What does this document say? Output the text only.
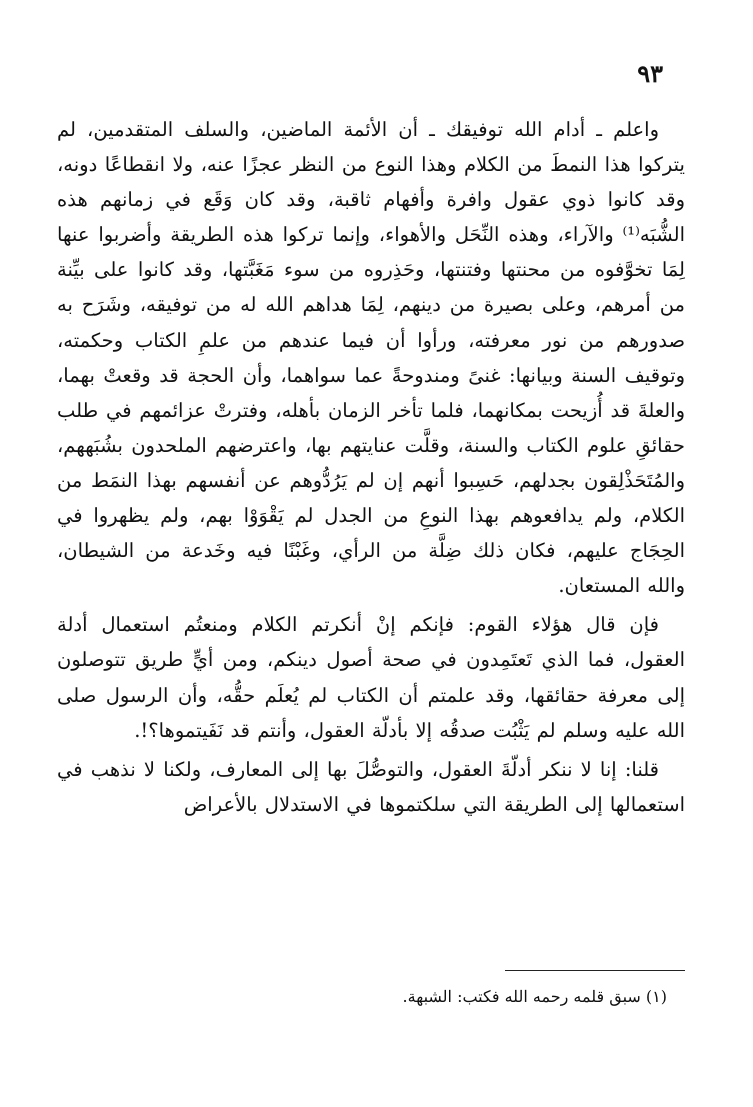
٩٣

واعلم ـ أدام الله توفيقك ـ أن الأئمة الماضين، والسلف المتقدمين، لم يتركوا هذا النمطَ من الكلام وهذا النوع من النظر عجزًا عنه، ولا انقطاعًا دونه، وقد كانوا ذوي عقول وافرة وأفهام ثاقبة، وقد كان وَقَع في زمانهم هذه الشُّبَه⁽¹⁾ والآراء، وهذه النِّحَل والأهواء، وإنما تركوا هذه الطريقة وأضربوا عنها لِمَا تخوَّفوه من محنتها وفتنتها، وحَذِروه من سوء مَغَبَّتها، وقد كانوا على بيِّنة من أمرهم، وعلى بصيرة من دينهم، لِمَا هداهم الله له من توفيقه، وشَرَح به صدورهم من نور معرفته، ورأوا أن فيما عندهم من علمِ الكتاب وحكمته، وتوقيف السنة وبيانها: غنىً ومندوحةً عما سواهما، وأن الحجة قد وقعتْ بهما، والعلةَ قد أُزيحت بمكانهما، فلما تأخر الزمان بأهله، وفترتْ عزائمهم في طلب حقائقِ علوم الكتاب والسنة، وقلَّت عنايتهم بها، واعترضهم الملحدون بشُبَههم، والمُتَحَذْلِقون بجدلهم، حَسِبوا أنهم إن لم يَرُدُّوهم عن أنفسهم بهذا النمَط من الكلام، ولم يدافعوهم بهذا النوعِ من الجدل لم يَقْوَوْا بهم، ولم يظهروا في الحِجَاج عليهم، فكان ذلك ضِلَّة من الرأي، وغَبْنًا فيه وخَدعة من الشيطان، والله المستعان.

فإن قال هؤلاء القوم: فإنكم إنْ أنكرتم الكلام ومنعتُم استعمال أدلة العقول، فما الذي تَعتَمِدون في صحة أصول دينكم، ومن أيٍّ طريق تتوصلون إلى معرفة حقائقها، وقد علمتم أن الكتاب لم يُعلَم حقُّه، وأن الرسول صلى الله عليه وسلم لم يَثْبُت صدقُه إلا بأدلّة العقول، وأنتم قد نَفَيتموها؟!.

قلنا: إنا لا ننكر أدلّةَ العقول، والتوصُّلَ بها إلى المعارف، ولكنا لا نذهب في استعمالها إلى الطريقة التي سلكتموها في الاستدلال بالأعراض

(١) سبق قلمه رحمه الله فكتب: الشبهة.
